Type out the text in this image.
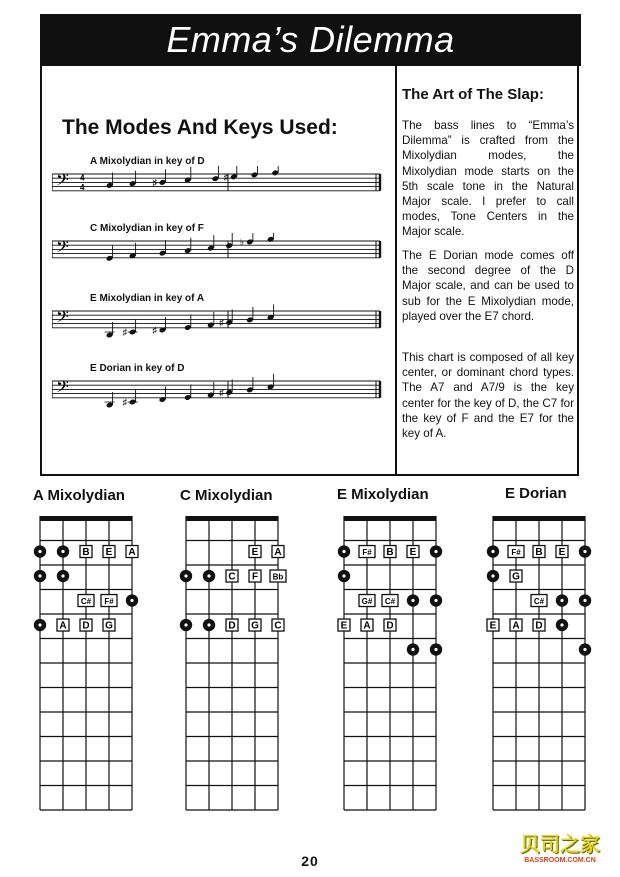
Emma’s Dilemma
The Modes And Keys Used:
A Mixolydian in key of D
𝄢 4
4
♯
♯
C Mixolydian in key of F
𝄢	♭
E Mixolydian in key of A
𝄢
♯	♯
♯
E Dorian in key of D
𝄢
♯
♯
The Art of The Slap:
The bass lines to “Emma’s Dilemma” is crafted from the Mixolydian modes, the Mixolydian mode starts on the 5th scale tone in the Natural Major scale. I prefer to call modes, Tone Centers in the Major scale.
The E Dorian mode comes off the second degree of the D Major scale, and can be used to sub for the E Mixolydian mode, played over the E7 chord.
This chart is composed of all key center, or dominant chord types. The A7 and A7/9 is the key center for the key of D, the C7 for the key of F and the E7 for the key of A.
A Mixolydian	C Mixolydian	E Mixolydian	E Dorian
B E A
C# F#
A D G
E A
C F Bb
D G C
F# B E
G# C#
E A D
F# B E
G
C#
E A D
20
贝司之家
BASSROOM.COM.CN
